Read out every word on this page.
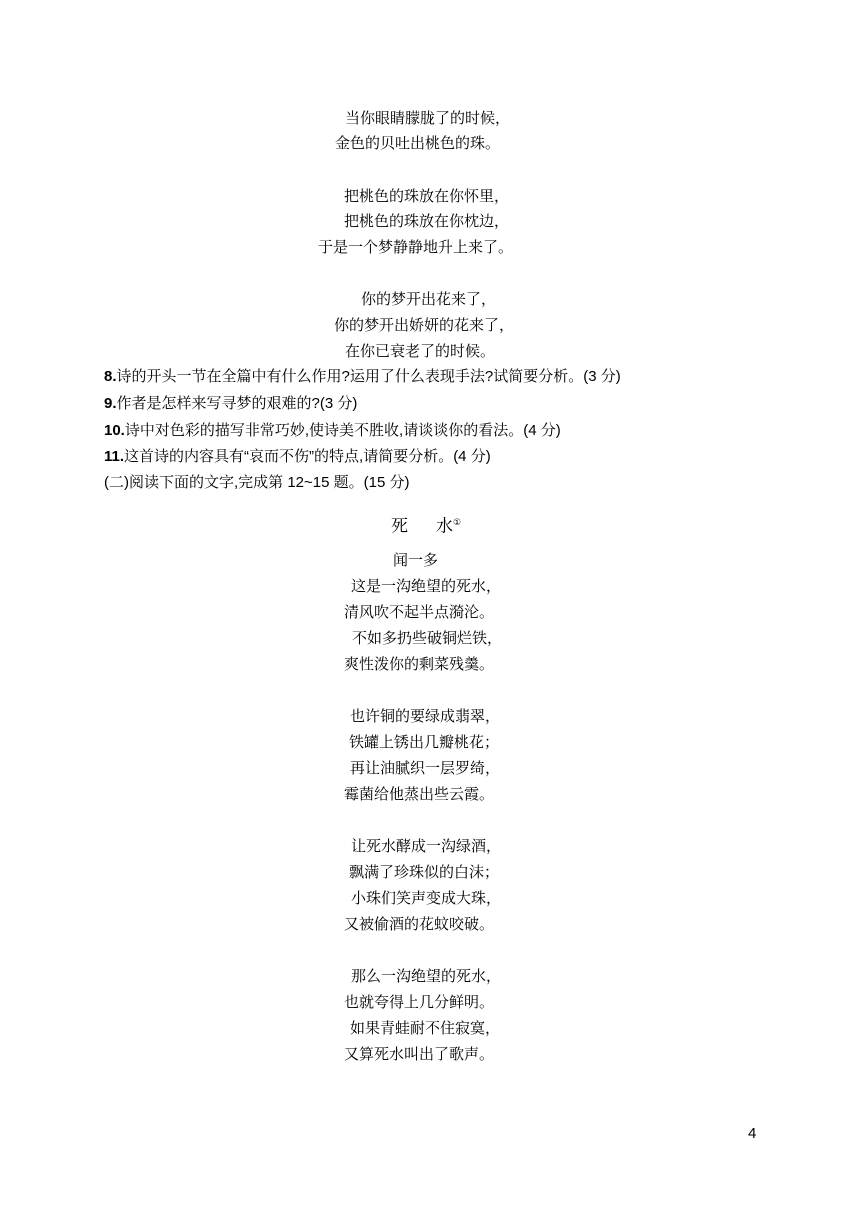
当你眼睛朦胧了的时候，
金色的贝吐出桃色的珠。
把桃色的珠放在你怀里，
把桃色的珠放在你枕边，
于是一个梦静静地升上来了。
你的梦开出花来了，
你的梦开出娇妍的花来了，
在你已衰老了的时候。
8.诗的开头一节在全篇中有什么作用?运用了什么表现手法?试简要分析。(3 分)
9.作者是怎样来写寻梦的艰难的?(3 分)
10.诗中对色彩的描写非常巧妙,使诗美不胜收,请谈谈你的看法。(4 分)
11.这首诗的内容具有“哀而不伤”的特点,请简要分析。(4 分)
(二)阅读下面的文字,完成第 12~15 题。(15 分)
死 水①
闻一多
这是一沟绝望的死水，
清风吹不起半点漪沦。
不如多扔些破铜烂铁，
爽性泼你的剩菜残羹。
也许铜的要绿成翡翠，
铁罐上锈出几瓣桃花；
再让油腻织一层罗绮，
霉菌给他蒸出些云霞。
让死水酵成一沟绿酒，
飘满了珍珠似的白沫；
小珠们笑声变成大珠，
又被偷酒的花蚊咬破。
那么一沟绝望的死水，
也就夸得上几分鲜明。
如果青蛙耐不住寂寞，
又算死水叫出了歌声。
4
